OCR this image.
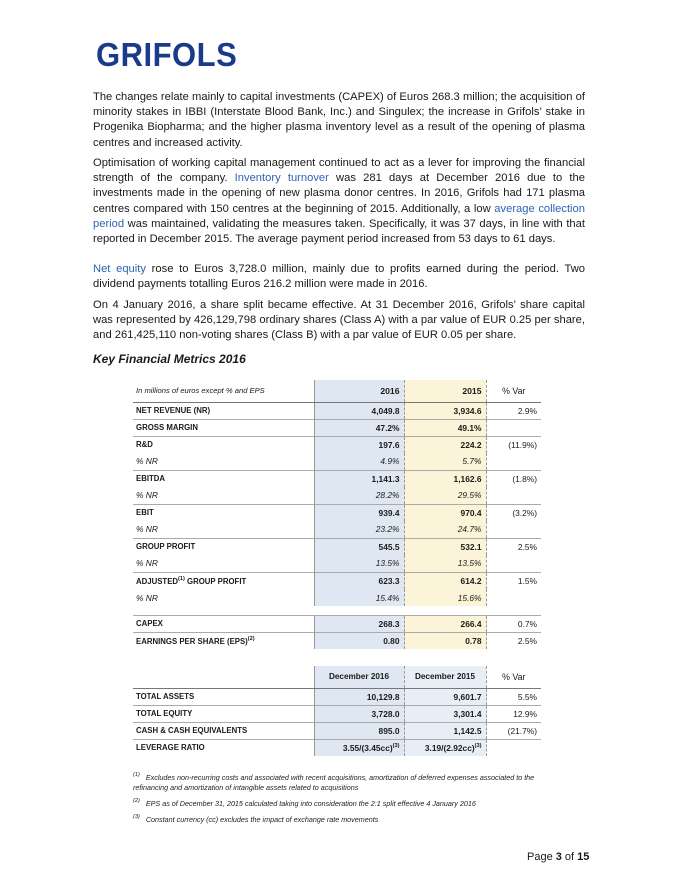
GRIFOLS

The changes relate mainly to capital investments (CAPEX) of Euros 268.3 million; the acquisition of minority stakes in IBBI (Interstate Blood Bank, Inc.) and Singulex; the increase in Grifols’ stake in Progenika Biopharma; and the higher plasma inventory level as a result of the opening of plasma centres and increased activity.

Optimisation of working capital management continued to act as a lever for improving the financial strength of the company. Inventory turnover was 281 days at December 2016 due to the investments made in the opening of new plasma donor centres. In 2016, Grifols had 171 plasma centres compared with 150 centres at the beginning of 2015. Additionally, a low average collection period was maintained, validating the measures taken. Specifically, it was 37 days, in line with that reported in December 2015. The average payment period increased from 53 days to 61 days.

Net equity rose to Euros 3,728.0 million, mainly due to profits earned during the period. Two dividend payments totalling Euros 216.2 million were made in 2016.

On 4 January 2016, a share split became effective. At 31 December 2016, Grifols’ share capital was represented by 426,129,798 ordinary shares (Class A) with a par value of EUR 0.25 per share, and 261,425,110 non-voting shares (Class B) with a par value of EUR 0.05 per share.

Key Financial Metrics 2016
In millions of euros except % and EPS	2016	2015	% Var
NET REVENUE (NR)	4,049.8	3,934.6	2.9%
GROSS MARGIN	47.2%	49.1%	
R&D	197.6	224.2	(11.9%)
% NR	4.9%	5.7%	
EBITDA	1,141.3	1,162.6	(1.8%)
% NR	28.2%	29.5%	
EBIT	939.4	970.4	(3.2%)
% NR	23.2%	24.7%	
GROUP PROFIT	545.5	532.1	2.5%
% NR	13.5%	13.5%	
ADJUSTED$^{(1)}$ GROUP PROFIT	623.3	614.2	1.5%
% NR	15.4%	15.6%	

CAPEX	268.3	266.4	0.7%
EARNINGS PER SHARE (EPS)$^{(2)}$	0.80	0.78	2.5%
	December 2016	December 2015	% Var
TOTAL ASSETS	10,129.8	9,601.7	5.5%
TOTAL EQUITY	3,728.0	3,301.4	12.9%
CASH & CASH EQUIVALENTS	895.0	1,142.5	(21.7%)
LEVERAGE RATIO	$3.55/(3.45cc)^{(3)}$	$3.19/(2.92cc)^{(3)}$	

$^{(1)}$ Excludes non-recurring costs and associated with recent acquisitions, amortization of deferred expenses associated to the refinancing and amortization of intangible assets related to acquisitions

$^{(2)}$ EPS as of December 31, 2015 calculated taking into consideration the 2:1 split effective 4 January 2016

$^{(3)}$ Constant currency (cc) excludes the impact of exchange rate movements

Page 3 of 15
